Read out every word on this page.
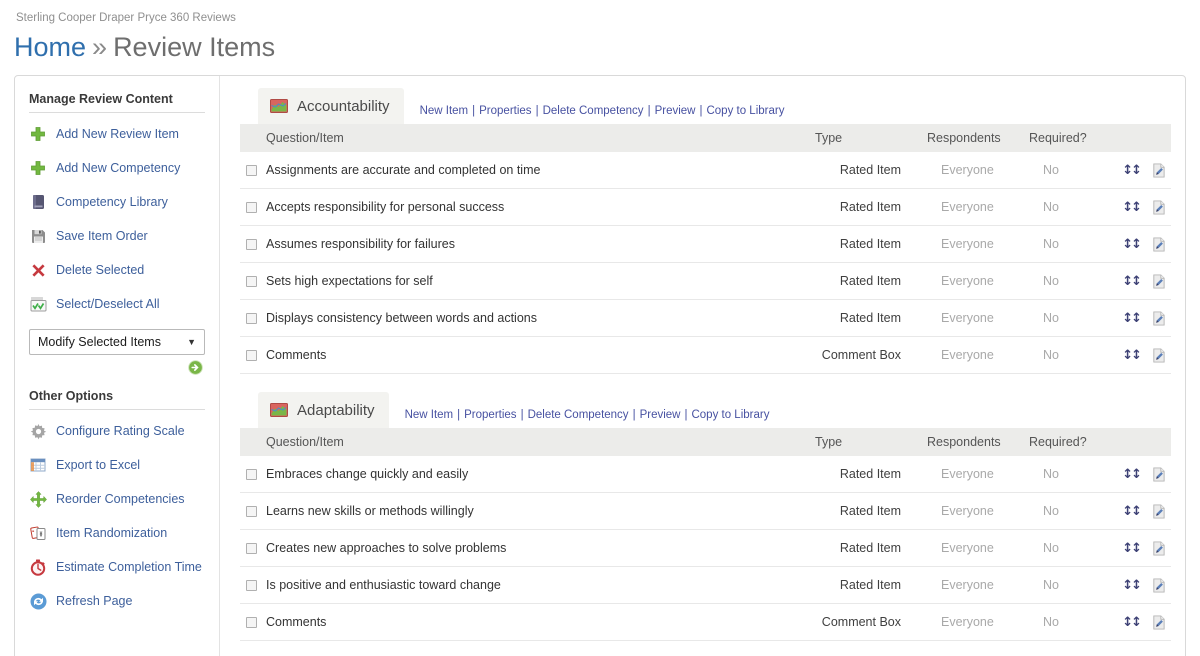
Sterling Cooper Draper Pryce 360 Reviews
Home » Review Items
Manage Review Content
Add New Review Item
Add New Competency
Competency Library
Save Item Order
Delete Selected
Select/Deselect All
Modify Selected Items	▼
Other Options
Configure Rating Scale
Export to Excel
Reorder Competencies
Item Randomization
Estimate Completion Time
Refresh Page
Accountability	New Item | Properties | Delete Competency | Preview | Copy to Library
Question/Item	Type	Respondents	Required?
Assignments are accurate and completed on time	Rated Item	Everyone	No	↕↕
Accepts responsibility for personal success	Rated Item	Everyone	No	↕↕
Assumes responsibility for failures	Rated Item	Everyone	No	↕↕
Sets high expectations for self	Rated Item	Everyone	No	↕↕
Displays consistency between words and actions	Rated Item	Everyone	No	↕↕
Comments	Comment Box	Everyone	No	↕↕
Adaptability	New Item | Properties | Delete Competency | Preview | Copy to Library
Question/Item	Type	Respondents	Required?
Embraces change quickly and easily	Rated Item	Everyone	No	↕↕
Learns new skills or methods willingly	Rated Item	Everyone	No	↕↕
Creates new approaches to solve problems	Rated Item	Everyone	No	↕↕
Is positive and enthusiastic toward change	Rated Item	Everyone	No	↕↕
Comments	Comment Box	Everyone	No	↕↕
